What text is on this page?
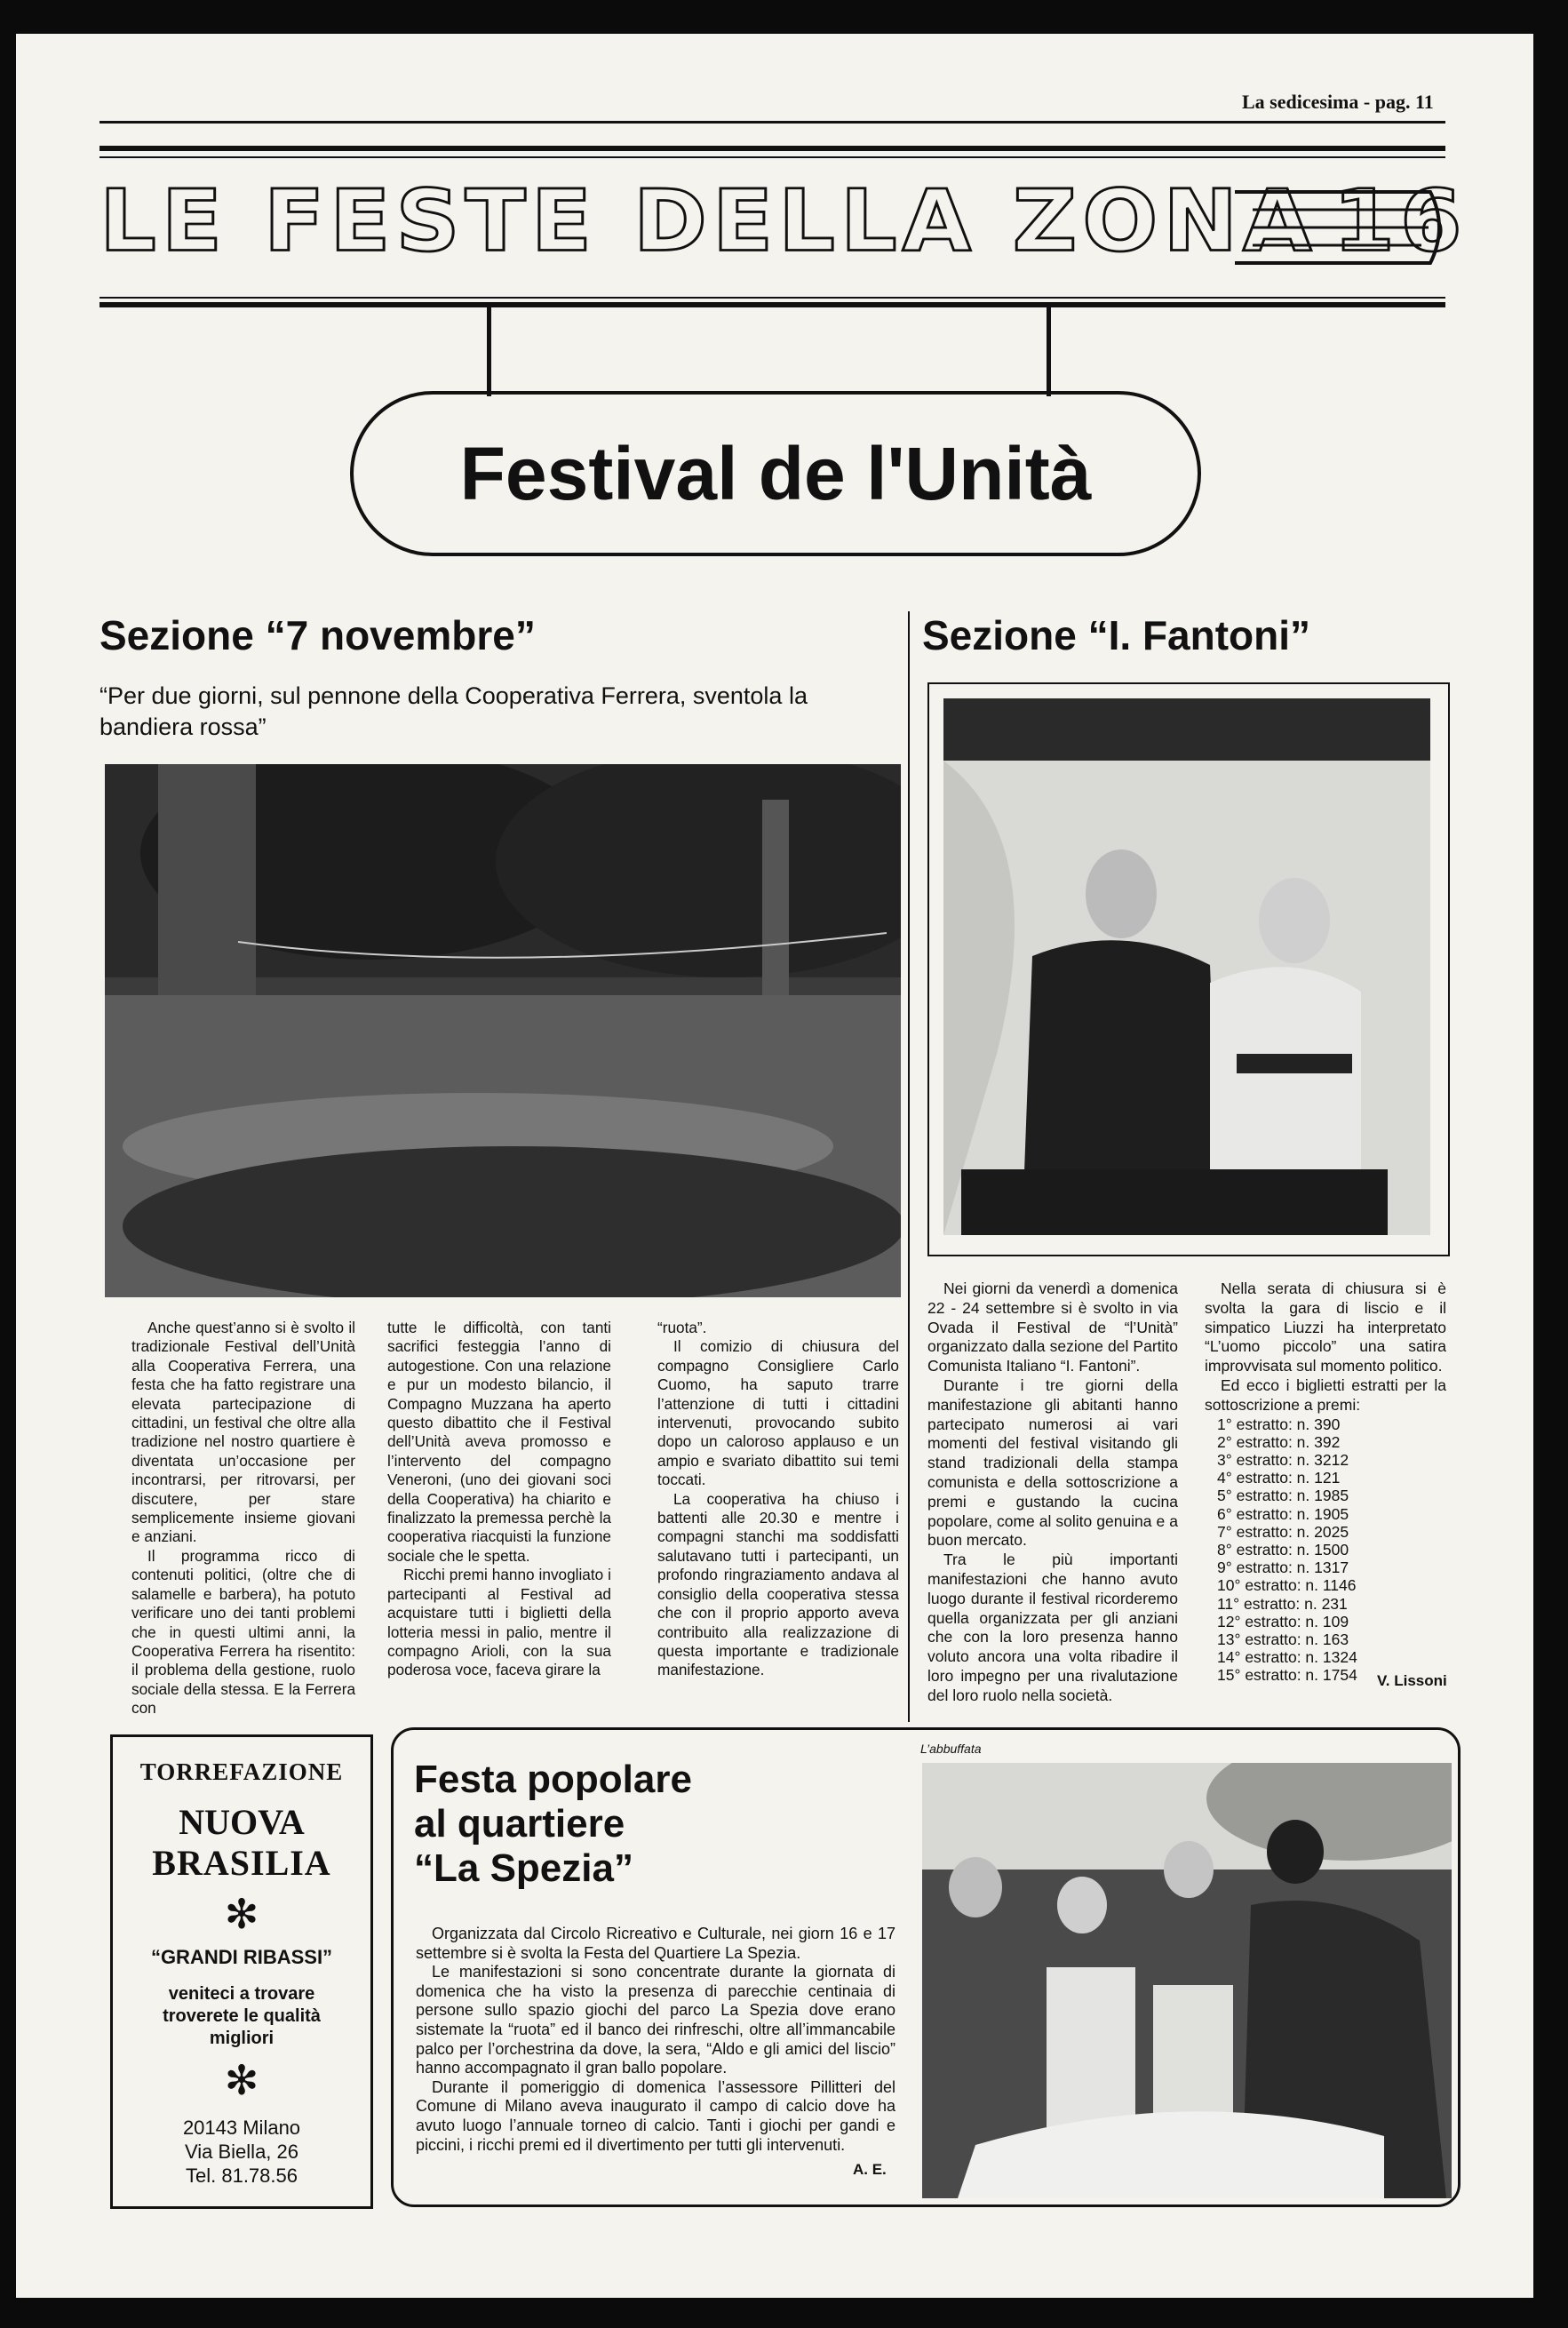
La sedicesima - pag. 11
LE FESTE DELLA ZONA 16
Festival de l'Unità
Sezione “7 novembre”
“Per due giorni, sul pennone della Cooperativa Ferrera, sventola la bandiera rossa”

Anche quest’anno si è svolto il tradizionale Festival dell’Unità alla Cooperativa Ferrera, una festa che ha fatto registrare una elevata partecipazione di cittadini, un festival che oltre alla tradizione nel nostro quartiere è diventata un’occasione per incontrarsi, per ritrovarsi, per discutere, per stare semplicemente insieme giovani e anziani.

Il programma ricco di contenuti politici, (oltre che di salamelle e barbera), ha potuto verificare uno dei tanti problemi che in questi ultimi anni, la Cooperativa Ferrera ha risentito: il problema della gestione, ruolo sociale della stessa. E la Ferrera con

tutte le difficoltà, con tanti sacrifici festeggia l’anno di autogestione. Con una relazione e pur un modesto bilancio, il Compagno Muzzana ha aperto questo dibattito che il Festival dell’Unità aveva promosso e l’intervento del compagno Veneroni, (uno dei giovani soci della Cooperativa) ha chiarito e finalizzato la premessa perchè la cooperativa riacquisti la funzione sociale che le spetta.

Ricchi premi hanno invogliato i partecipanti al Festival ad acquistare tutti i biglietti della lotteria messi in palio, mentre il compagno Arioli, con la sua poderosa voce, faceva girare la

“ruota”.

Il comizio di chiusura del compagno Consigliere Carlo Cuomo, ha saputo trarre l’attenzione di tutti i cittadini intervenuti, provocando subito dopo un caloroso applauso e un ampio e svariato dibattito sui temi toccati.

La cooperativa ha chiuso i battenti alle 20.30 e mentre i compagni stanchi ma soddisfatti salutavano tutti i partecipanti, un profondo ringraziamento andava al consiglio della cooperativa stessa che con il proprio apporto aveva contribuito alla realizzazione di questa importante e tradizionale manifestazione.

Sezione “I. Fantoni”

Nei giorni da venerdì a domenica 22 - 24 settembre si è svolto in via Ovada il Festival de “l’Unità” organizzato dalla sezione del Partito Comunista Italiano “I. Fantoni”.

Durante i tre giorni della manifestazione gli abitanti hanno partecipato numerosi ai vari momenti del festival visitando gli stand tradizionali della stampa comunista e della sottoscrizione a premi e gustando la cucina popolare, come al solito genuina e a buon mercato.

Tra le più importanti manifestazioni che hanno avuto luogo durante il festival ricorderemo quella organizzata per gli anziani che con la loro presenza hanno voluto ancora una volta ribadire il loro impegno per una rivalutazione del loro ruolo nella società.

Nella serata di chiusura si è svolta la gara di liscio e il simpatico Liuzzi ha interpretato “L’uomo piccolo” una satira improvvisata sul momento politico.

Ed ecco i biglietti estratti per la sottoscrizione a premi:

1° estratto: n. 390
2° estratto: n. 392
3° estratto: n. 3212
4° estratto: n. 121
5° estratto: n. 1985
6° estratto: n. 1905
7° estratto: n. 2025
8° estratto: n. 1500
9° estratto: n. 1317
10° estratto: n. 1146
11° estratto: n. 231
12° estratto: n. 109
13° estratto: n. 163
14° estratto: n. 1324
15° estratto: n. 1754	V. Lissoni
TORREFAZIONE
NUOVA
BRASILIA
✻
“GRANDI RIBASSI”
veniteci a trovare troverete le qualità migliori
✻
20143 Milano
Via Biella, 26
Tel. 81.78.56
Festa popolare
al quartiere
“La Spezia”

Organizzata dal Circolo Ricreativo e Culturale, nei giorn 16 e 17 settembre si è svolta la Festa del Quartiere La Spezia.

Le manifestazioni si sono concentrate durante la giornata di domenica che ha visto la presenza di parecchie centinaia di persone sullo spazio giochi del parco La Spezia dove erano sistemate la “ruota” ed il banco dei rinfreschi, oltre all’immancabile palco per l’orchestrina da dove, la sera, “Aldo e gli amici del liscio” hanno accompagnato il gran ballo popolare.

Durante il pomeriggio di domenica l’assessore Pillitteri del Comune di Milano aveva inaugurato il campo di calcio dove ha avuto luogo l’annuale torneo di calcio. Tanti i giochi per gandi e piccini, i ricchi premi ed il divertimento per tutti gli intervenuti.

A. E.
L’abbuffata
